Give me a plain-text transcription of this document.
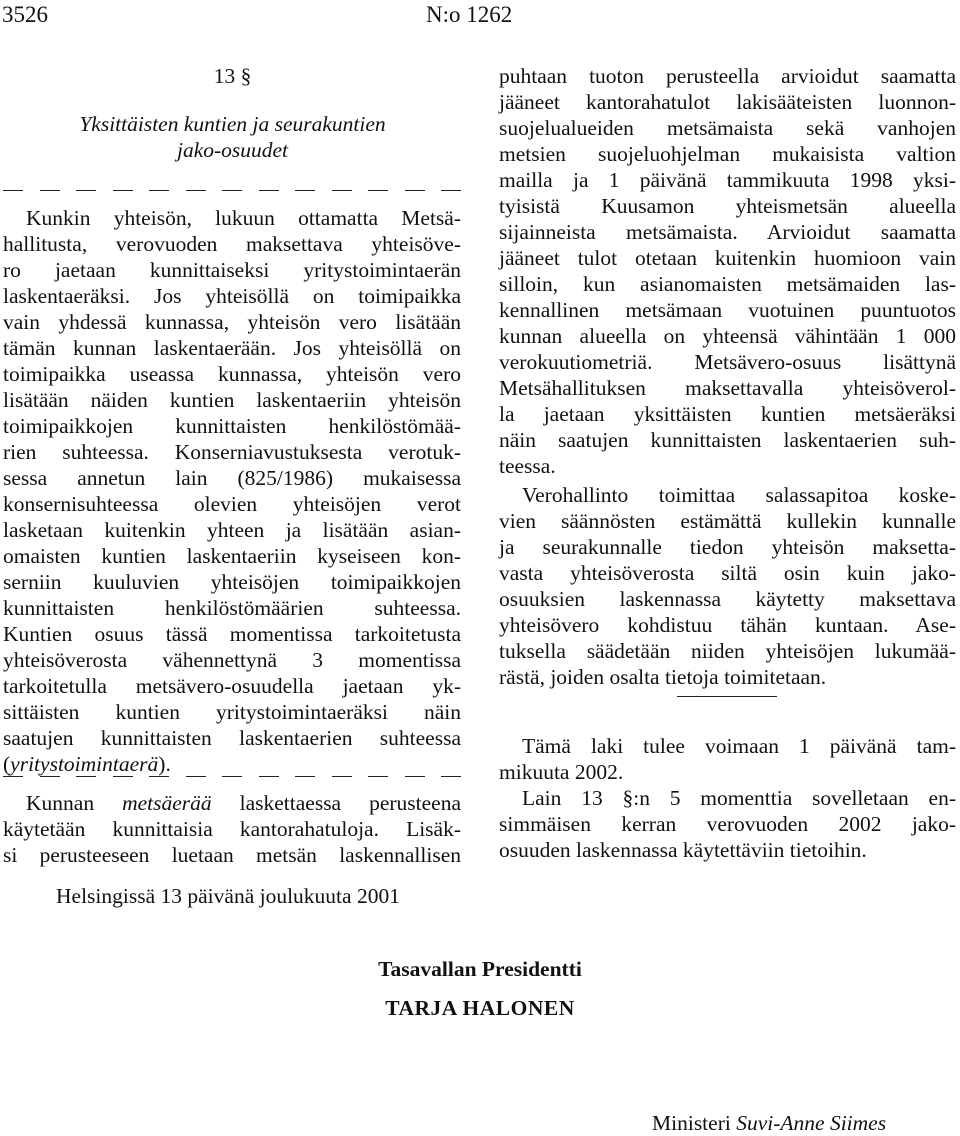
3526	N:o 1262
13 §
Yksittäisten kuntien ja seurakuntien
jako-osuudet
Kunkin yhteisön, lukuun ottamatta Metsä-
hallitusta, verovuoden maksettava yhteisöve-
ro jaetaan kunnittaiseksi yritystoimintaerän
laskentaeräksi. Jos yhteisöllä on toimipaikka
vain yhdessä kunnassa, yhteisön vero lisätään
tämän kunnan laskentaerään. Jos yhteisöllä on
toimipaikka useassa kunnassa, yhteisön vero
lisätään näiden kuntien laskentaeriin yhteisön
toimipaikkojen kunnittaisten henkilöstömää-
rien suhteessa. Konserniavustuksesta verotuk-
sessa annetun lain (825/1986) mukaisessa
konsernisuhteessa olevien yhteisöjen verot
lasketaan kuitenkin yhteen ja lisätään asian-
omaisten kuntien laskentaeriin kyseiseen kon-
serniin kuuluvien yhteisöjen toimipaikkojen
kunnittaisten henkilöstömäärien suhteessa.
Kuntien osuus tässä momentissa tarkoitetusta
yhteisöverosta vähennettynä 3 momentissa
tarkoitetulla metsävero-osuudella jaetaan yk-
sittäisten kuntien yritystoimintaeräksi näin
saatujen kunnittaisten laskentaerien suhteessa
(yritystoimintaerä).
Kunnan metsäerää laskettaessa perusteena
käytetään kunnittaisia kantorahatuloja. Lisäk-
si perusteeseen luetaan metsän laskennallisen
puhtaan tuoton perusteella arvioidut saamatta
jääneet kantorahatulot lakisääteisten luonnon-
suojelualueiden metsämaista sekä vanhojen
metsien suojeluohjelman mukaisista valtion
mailla ja 1 päivänä tammikuuta 1998 yksi-
tyisistä Kuusamon yhteismetsän alueella
sijainneista metsämaista. Arvioidut saamatta
jääneet tulot otetaan kuitenkin huomioon vain
silloin, kun asianomaisten metsämaiden las-
kennallinen metsämaan vuotuinen puuntuotos
kunnan alueella on yhteensä vähintään 1 000
verokuutiometriä. Metsävero-osuus lisättynä
Metsähallituksen maksettavalla yhteisöverol-
la jaetaan yksittäisten kuntien metsäeräksi
näin saatujen kunnittaisten laskentaerien suh-
teessa.
Verohallinto toimittaa salassapitoa koske-
vien säännösten estämättä kullekin kunnalle
ja seurakunnalle tiedon yhteisön maksetta-
vasta yhteisöverosta siltä osin kuin jako-
osuuksien laskennassa käytetty maksettava
yhteisövero kohdistuu tähän kuntaan. Ase-
tuksella säädetään niiden yhteisöjen lukumää-
rästä, joiden osalta tietoja toimitetaan.
Tämä laki tulee voimaan 1 päivänä tam-
mikuuta 2002.
Lain 13 §:n 5 momenttia sovelletaan en-
simmäisen kerran verovuoden 2002 jako-
osuuden laskennassa käytettäviin tietoihin.
Helsingissä 13 päivänä joulukuuta 2001
Tasavallan Presidentti
TARJA HALONEN
Ministeri Suvi-Anne Siimes
